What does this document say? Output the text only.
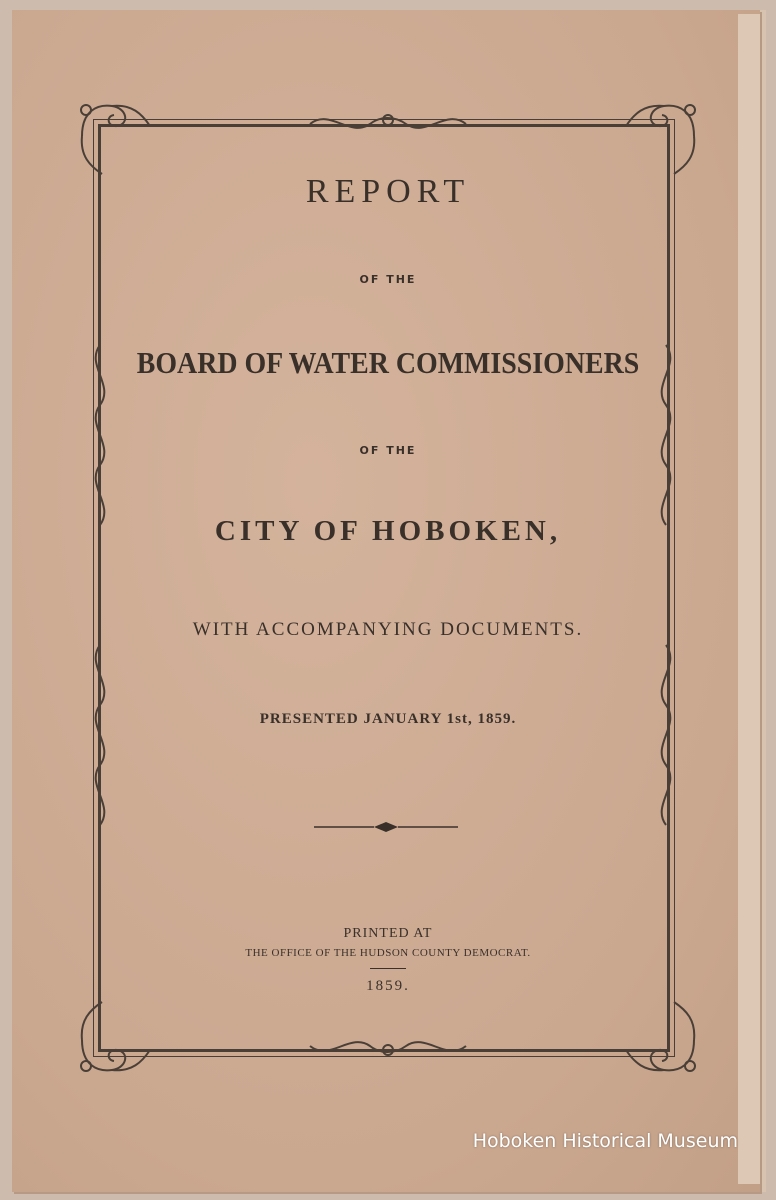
REPORT
OF THE
BOARD OF WATER COMMISSIONERS
OF THE
CITY OF HOBOKEN,
WITH ACCOMPANYING DOCUMENTS.
PRESENTED JANUARY 1st, 1859.
PRINTED AT
THE OFFICE OF THE HUDSON COUNTY DEMOCRAT.
1859.
Hoboken Historical Museum
